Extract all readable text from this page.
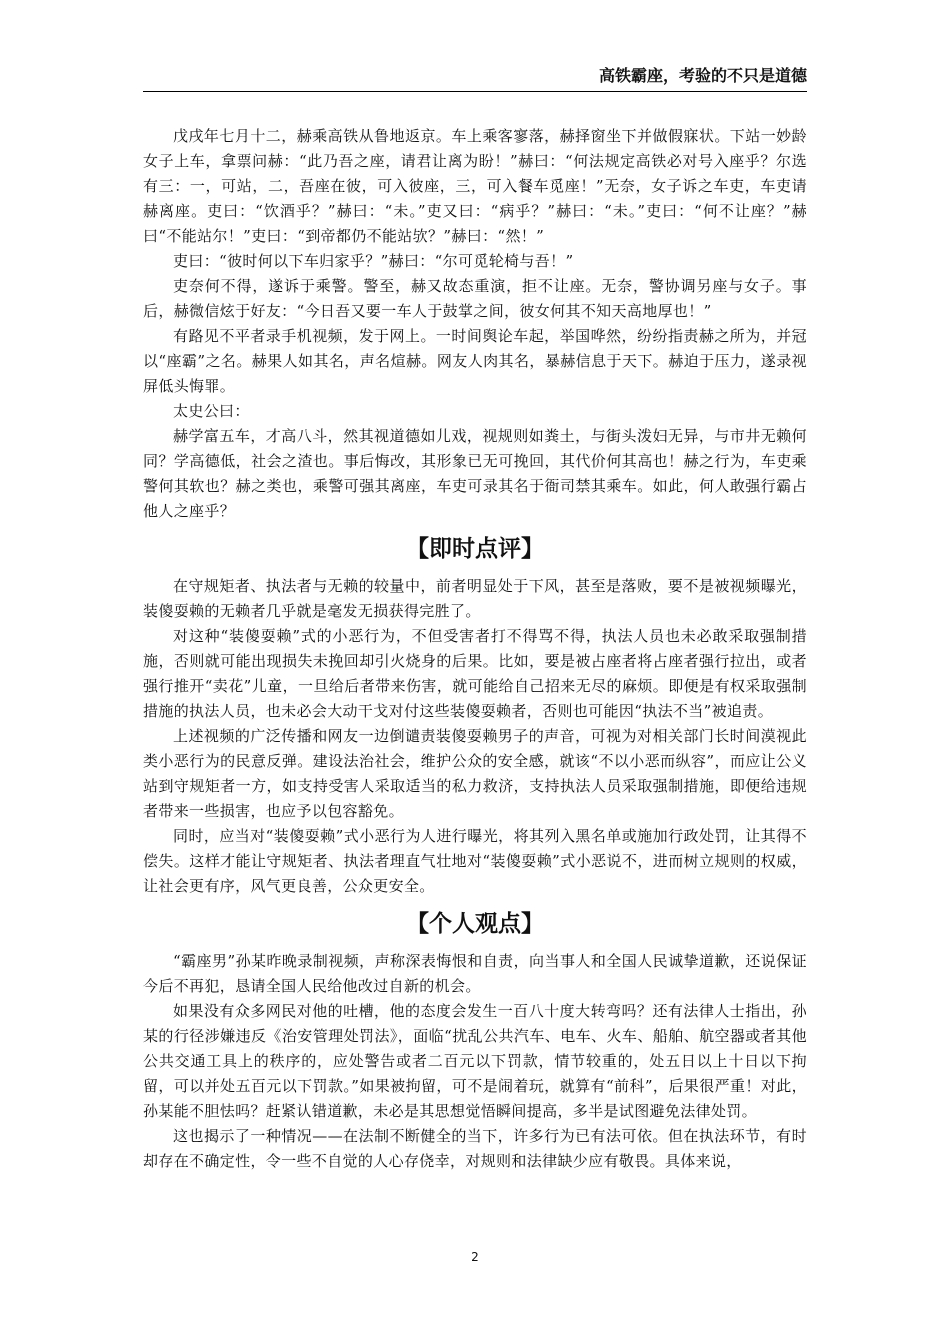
高铁霸座，考验的不只是道德

戊戌年七月十二，赫乘高铁从鲁地返京。车上乘客寥落，赫择窗坐下并做假寐状。下站一妙龄女子上车，拿票问赫：“此乃吾之座，请君让离为盼！”赫曰：“何法规定高铁必对号入座乎？尔选有三：一，可站，二，吾座在彼，可入彼座，三，可入餐车觅座！”无奈，女子诉之车吏，车吏请赫离座。吏曰：“饮酒乎？”赫曰：“未。”吏又曰：“病乎？”赫曰：“未。”吏曰：“何不让座？”赫曰“不能站尔！”吏曰：“到帝都仍不能站欤？”赫曰：“然！”

吏曰：“彼时何以下车归家乎？”赫曰：“尔可觅轮椅与吾！”

吏奈何不得，遂诉于乘警。警至，赫又故态重演，拒不让座。无奈，警协调另座与女子。事后，赫微信炫于好友：“今日吾又要一车人于鼓掌之间，彼女何其不知天高地厚也！”

有路见不平者录手机视频，发于网上。一时间舆论车起，举国哗然，纷纷指责赫之所为，并冠以“座霸”之名。赫果人如其名，声名煊赫。网友人肉其名，暴赫信息于天下。赫迫于压力，遂录视屏低头悔罪。

太史公曰：

赫学富五车，才高八斗，然其视道德如儿戏，视规则如粪土，与街头泼妇无异，与市井无赖何同？学高德低，社会之渣也。事后悔改，其形象已无可挽回，其代价何其高也！赫之行为，车吏乘警何其软也？赫之类也，乘警可强其离座，车吏可录其名于衙司禁其乘车。如此，何人敢强行霸占他人之座乎？

【即时点评】

在守规矩者、执法者与无赖的较量中，前者明显处于下风，甚至是落败，要不是被视频曝光，装傻耍赖的无赖者几乎就是毫发无损获得完胜了。

对这种“装傻耍赖”式的小恶行为，不但受害者打不得骂不得，执法人员也未必敢采取强制措施，否则就可能出现损失未挽回却引火烧身的后果。比如，要是被占座者将占座者强行拉出，或者强行推开“卖花”儿童，一旦给后者带来伤害，就可能给自己招来无尽的麻烦。即便是有权采取强制措施的执法人员，也未必会大动干戈对付这些装傻耍赖者，否则也可能因“执法不当”被追责。

上述视频的广泛传播和网友一边倒谴责装傻耍赖男子的声音，可视为对相关部门长时间漠视此类小恶行为的民意反弹。建设法治社会，维护公众的安全感，就该“不以小恶而纵容”，而应让公义站到守规矩者一方，如支持受害人采取适当的私力救济，支持执法人员采取强制措施，即便给违规者带来一些损害，也应予以包容豁免。

同时，应当对“装傻耍赖”式小恶行为人进行曝光，将其列入黑名单或施加行政处罚，让其得不偿失。这样才能让守规矩者、执法者理直气壮地对“装傻耍赖”式小恶说不，进而树立规则的权威，让社会更有序，风气更良善，公众更安全。

【个人观点】

“霸座男”孙某昨晚录制视频，声称深表悔恨和自责，向当事人和全国人民诚挚道歉，还说保证今后不再犯，恳请全国人民给他改过自新的机会。

如果没有众多网民对他的吐槽，他的态度会发生一百八十度大转弯吗？还有法律人士指出，孙某的行径涉嫌违反《治安管理处罚法》，面临“扰乱公共汽车、电车、火车、船舶、航空器或者其他公共交通工具上的秩序的，应处警告或者二百元以下罚款，情节较重的，处五日以上十日以下拘留，可以并处五百元以下罚款。”如果被拘留，可不是闹着玩，就算有“前科”，后果很严重！对此，孙某能不胆怯吗？赶紧认错道歉，未必是其思想觉悟瞬间提高，多半是试图避免法律处罚。

这也揭示了一种情况——在法制不断健全的当下，许多行为已有法可依。但在执法环节，有时却存在不确定性，令一些不自觉的人心存侥幸，对规则和法律缺少应有敬畏。具体来说，

2
